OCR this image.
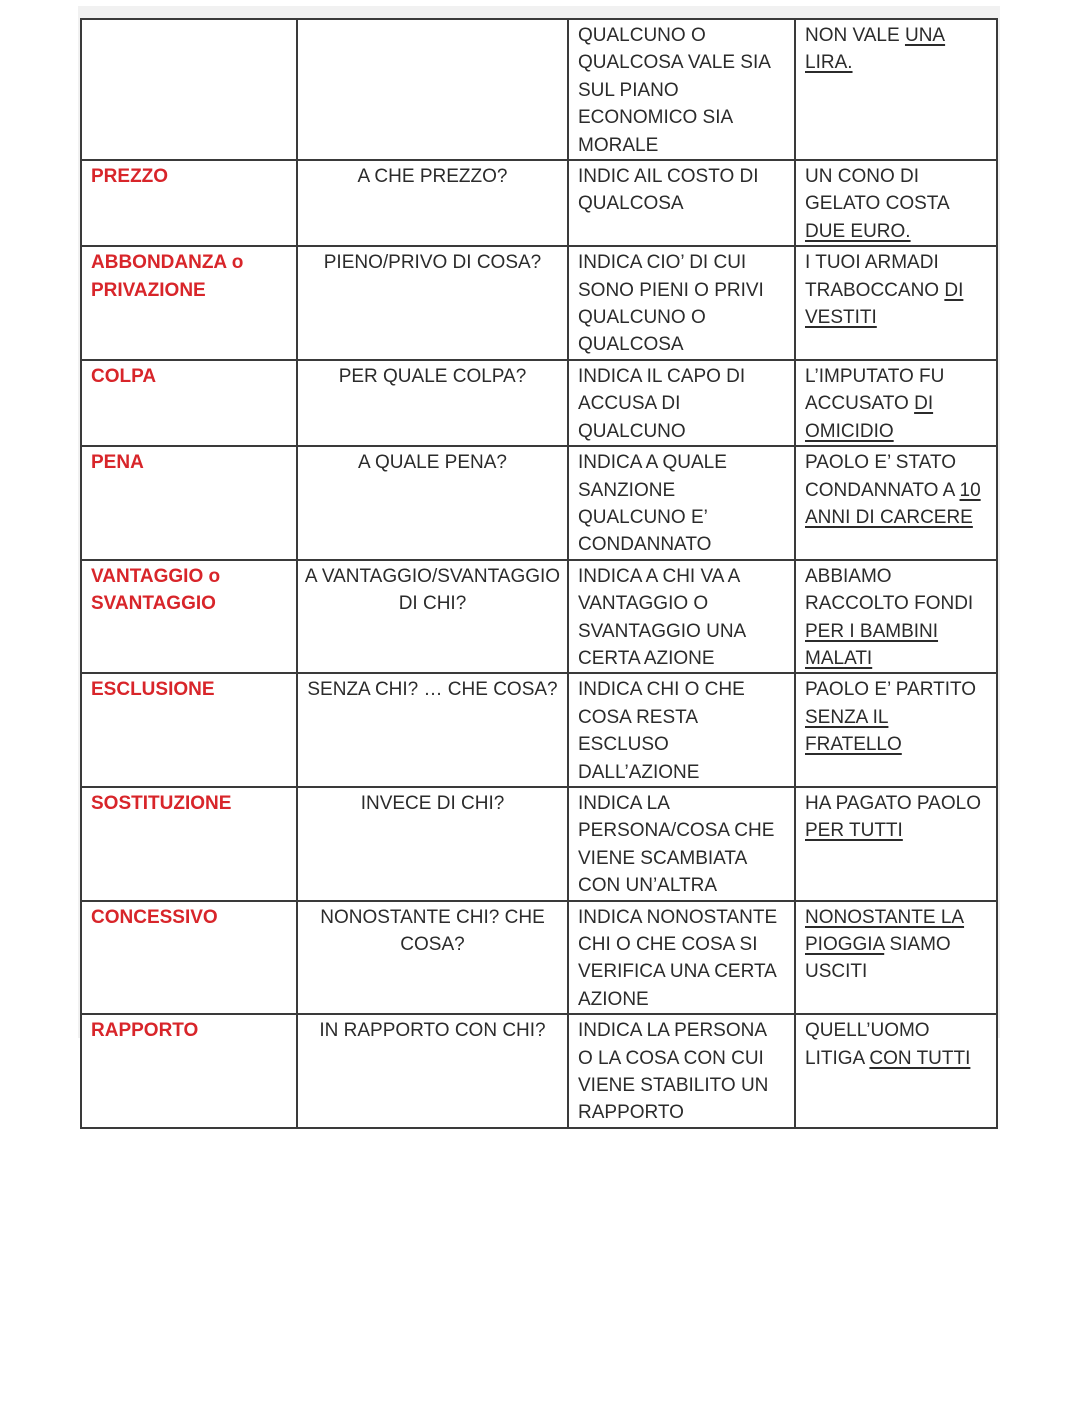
		QUALCUNO O QUALCOSA VALE SIA SUL PIANO ECONOMICO SIA MORALE	NON VALE UNA LIRA.
PREZZO	A CHE PREZZO?	INDIC AIL COSTO DI QUALCOSA	UN CONO DI GELATO COSTA DUE EURO.
ABBONDANZA o PRIVAZIONE	PIENO/PRIVO DI COSA?	INDICA CIO’ DI CUI SONO PIENI O PRIVI QUALCUNO O QUALCOSA	I TUOI ARMADI TRABOCCANO DI VESTITI
COLPA	PER QUALE COLPA?	INDICA IL CAPO DI ACCUSA DI QUALCUNO	L’IMPUTATO FU ACCUSATO DI OMICIDIO
PENA	A QUALE PENA?	INDICA A QUALE SANZIONE QUALCUNO E’ CONDANNATO	PAOLO E’ STATO CONDANNATO A 10 ANNI DI CARCERE
VANTAGGIO o SVANTAGGIO	A VANTAGGIO/SVANTAGGIO DI CHI?	INDICA A CHI VA A VANTAGGIO O SVANTAGGIO UNA CERTA AZIONE	ABBIAMO RACCOLTO FONDI PER I BAMBINI MALATI
ESCLUSIONE	SENZA CHI? … CHE COSA?	INDICA CHI O CHE COSA RESTA ESCLUSO DALL’AZIONE	PAOLO E’ PARTITO SENZA IL FRATELLO
SOSTITUZIONE	INVECE DI CHI?	INDICA LA PERSONA/COSA CHE VIENE SCAMBIATA CON UN’ALTRA	HA PAGATO PAOLO PER TUTTI
CONCESSIVO	NONOSTANTE CHI? CHE COSA?	INDICA NONOSTANTE CHI O CHE COSA SI VERIFICA UNA CERTA AZIONE	NONOSTANTE LA PIOGGIA SIAMO USCITI
RAPPORTO	IN RAPPORTO CON CHI?	INDICA LA PERSONA O LA COSA CON CUI VIENE STABILITO UN RAPPORTO	QUELL’UOMO LITIGA CON TUTTI
